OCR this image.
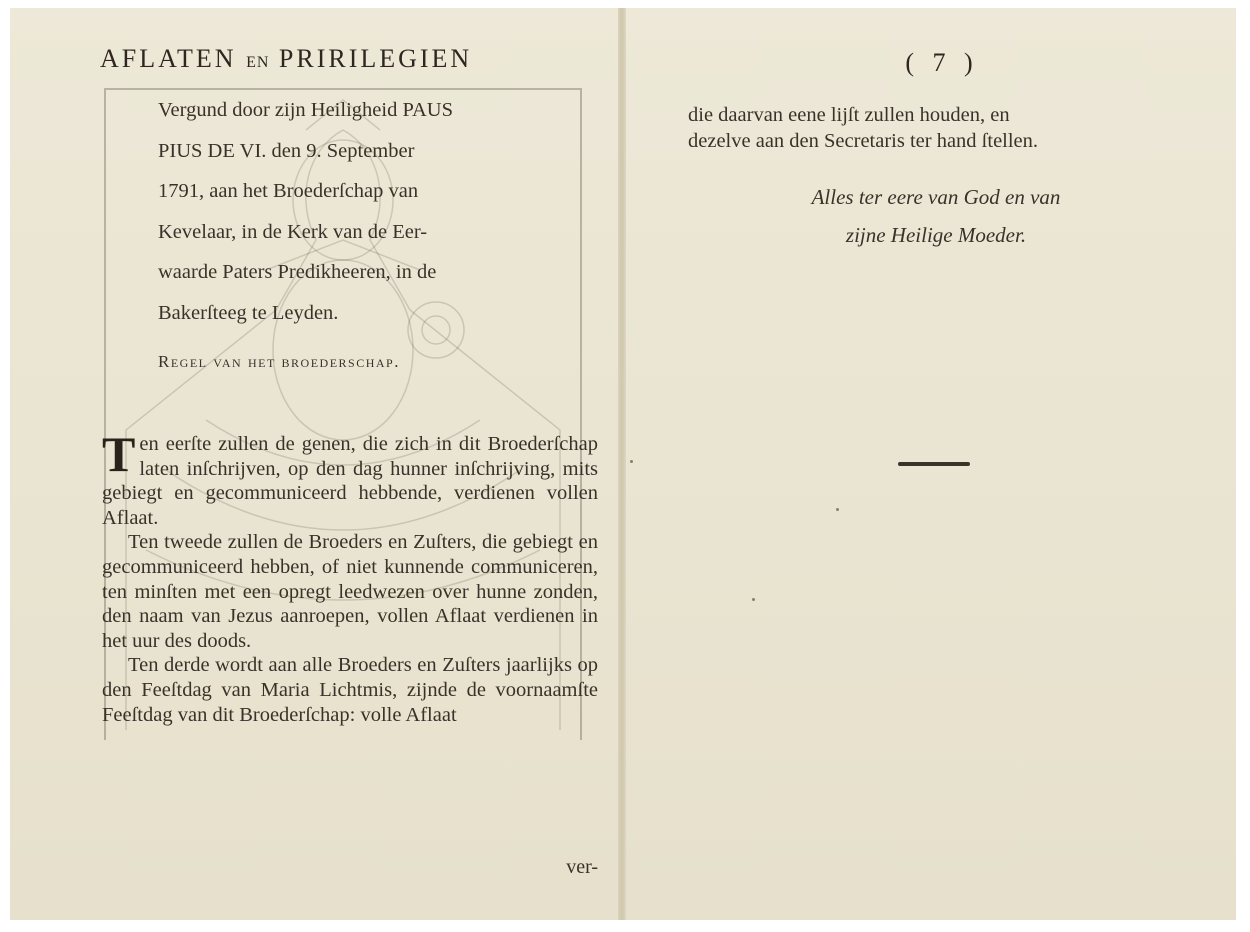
AFLATEN EN PRIRILEGIEN
Vergund door zijn Heiligheid PAUS
PIUS DE VI. den 9. September
1791, aan het Broederſchap van
Kevelaar, in de Kerk van de Eer-
waarde Paters Predikheeren, in de
Bakerſteeg te Leyden.
Regel van het broederschap.

Ten eerſte zullen de genen, die zich in dit Broederſchap laten inſchrijven, op den dag hunner inſchrijving, mits gebiegt en gecommuniceerd hebbende, verdienen vollen Aflaat.

Ten tweede zullen de Broeders en Zuſters, die gebiegt en gecommuniceerd hebben, of niet kunnende communiceren, ten minſten met een opregt leedwezen over hunne zonden, den naam van Jezus aanroepen, vollen Aflaat verdienen in het uur des doods.

Ten derde wordt aan alle Broeders en Zuſters jaarlijks op den Feeſtdag van Maria Lichtmis, zijnde de voornaamſte Feeſtdag van dit Broederſchap: volle Aflaat

ver-
( 7 )

die daarvan eene lijſt zullen houden, en

dezelve aan den Secretaris ter hand ſtellen.

Alles ter eere van God en van
zijne Heilige Moeder.
